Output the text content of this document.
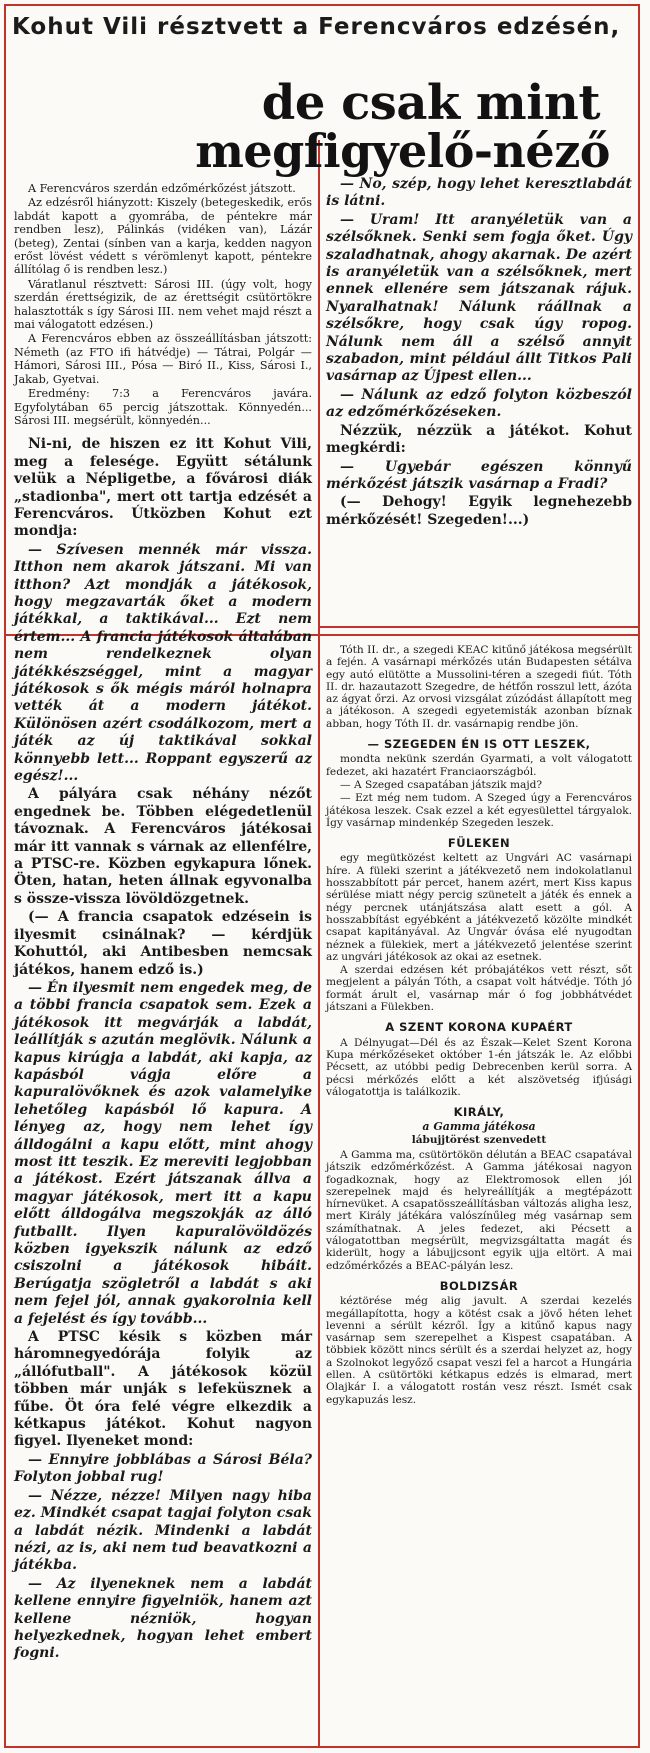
Kohut Vili résztvett a Ferencváros edzésén,
de csak mint
megfigyelő-néző

A Ferencváros szerdán edzőmérkőzést játszott.

Az edzésről hiányzott: Kiszely (betegeskedik, erős labdát kapott a gyomrába, de péntekre már rendben lesz), Pálinkás (vidéken van), Lázár (beteg), Zentai (sínben van a karja, kedden nagyon erőst lövést védett s vérömlenyt kapott, péntekre állítólag ő is rendben lesz.)

Váratlanul résztvett: Sárosi III. (úgy volt, hogy szerdán érettségizik, de az érettségit csütörtökre halasztották s így Sárosi III. nem vehet majd részt a mai válogatott edzésen.)

A Ferencváros ebben az összeállításban játszott: Németh (az FTO ifi hátvédje) — Tátrai, Polgár — Hámori, Sárosi III., Pósa — Biró II., Kiss, Sárosi I., Jakab, Gyetvai.

Eredmény: 7:3 a Ferencváros javára. Egyfolytában 65 percig játszottak. Könnyedén... Sárosi III. megsérült, könnyedén...

Ni-ni, de hiszen ez itt Kohut Vili, meg a felesége. Együtt sétálunk velük a Népligetbe, a fővárosi diák „stadionba", mert ott tartja edzését a Ferencváros. Útközben Kohut ezt mondja:

— Szívesen mennék már vissza. Itthon nem akarok játszani. Mi van itthon? Azt mondják a játékosok, hogy megzavarták őket a modern játékkal, a taktikával... Ezt nem értem... A francia játékosok általában nem rendelkeznek olyan játékkészséggel, mint a magyar játékosok s ők mégis máról holnapra vették át a modern játékot. Különösen azért csodálkozom, mert a játék az új taktikával sokkal könnyebb lett... Roppant egyszerű az egész!...

A pályára csak néhány nézőt engednek be. Többen elégedetlenül távoznak. A Ferencváros játékosai már itt vannak s várnak az ellenfélre, a PTSC-re. Közben egykapura lőnek. Öten, hatan, heten állnak egyvonalba s össze-vissza lövöldözgetnek.

(— A francia csapatok edzésein is ilyesmit csinálnak? — kérdjük Kohuttól, aki Antibesben nemcsak játékos, hanem edző is.)

— Én ilyesmit nem engedek meg, de a többi francia csapatok sem. Ezek a játékosok itt megvárják a labdát, leállítják s azután meglövik. Nálunk a kapus kirúgja a labdát, aki kapja, az kapásból vágja előre a kapuralövőknek és azok valamelyike lehetőleg kapásból lő kapura. A lényeg az, hogy nem lehet így álldogálni a kapu előtt, mint ahogy most itt teszik. Ez mereviti legjobban a játékost. Ezért játszanak állva a magyar játékosok, mert itt a kapu előtt álldogálva megszokják az álló futballt. Ilyen kapuralövöldözés közben igyekszik nálunk az edző csiszolni a játékosok hibáit. Berúgatja szögletről a labdát s aki nem fejel jól, annak gyakorolnia kell a fejelést és így tovább...

A PTSC késik s közben már háromnegyedórája folyik az „állófutball". A játékosok közül többen már unják s lefeküsznek a fűbe. Öt óra felé végre elkezdik a kétkapus játékot. Kohut nagyon figyel. Ilyeneket mond:

— Ennyire jobblábas a Sárosi Béla? Folyton jobbal rug!

— Nézze, nézze! Milyen nagy hiba ez. Mindkét csapat tagjai folyton csak a labdát nézik. Mindenki a labdát nézi, az is, aki nem tud beavatkozni a játékba.

— Az ilyeneknek nem a labdát kellene ennyire figyelniök, hanem azt kellene nézniök, hogyan helyezkednek, hogyan lehet embert fogni.

— No, szép, hogy lehet keresztlabdát is látni.

— Uram! Itt aranyéletük van a szélsőknek. Senki sem fogja őket. Úgy szaladhatnak, ahogy akarnak. De azért is aranyéletük van a szélsőknek, mert ennek ellenére sem játszanak rájuk. Nyaralhatnak! Nálunk ráállnak a szélsőkre, hogy csak úgy ropog. Nálunk nem áll a szélső annyit szabadon, mint például állt Titkos Pali vasárnap az Újpest ellen...

— Nálunk az edző folyton közbeszól az edzőmérkőzéseken.

Nézzük, nézzük a játékot. Kohut megkérdi:

— Ugyebár egészen könnyű mérkőzést játszik vasárnap a Fradi?

(— Dehogy! Egyik legnehezebb mérkőzését! Szegeden!...)

Tóth II. dr., a szegedi KEAC kitűnő játékosa megsérült a fején. A vasárnapi mérkőzés után Budapesten sétálva egy autó elütötte a Mussolini-téren a szegedi fiút. Tóth II. dr. hazautazott Szegedre, de hétfőn rosszul lett, ázóta az ágyat őrzi. Az orvosi vizsgálat zúzódást állapított meg a játékoson. A szegedi egyetemisták azonban bíznak abban, hogy Tóth II. dr. vasárnapig rendbe jön.

— SZEGEDEN ÉN IS OTT LESZEK,

mondta nekünk szerdán Gyarmati, a volt válogatott fedezet, aki hazatért Franciaországból.

— A Szeged csapatában játszik majd?

— Ezt még nem tudom. A Szeged úgy a Ferencváros játékosa leszek. Csak ezzel a két egyesülettel tárgyalok. Így vasárnap mindenkép Szegeden leszek.

FÜLEKEN

egy megütközést keltett az Ungvári AC vasárnapi híre. A füleki szerint a játékvezető nem indokolatlanul hosszabbított pár percet, hanem azért, mert Kiss kapus sérülése miatt négy percig szünetelt a játék és ennek a négy percnek utánjátszása alatt esett a gól. A hosszabbítást egyébként a játékvezető közölte mindkét csapat kapitányával. Az Ungvár óvása elé nyugodtan néznek a fülekiek, mert a játékvezető jelentése szerint az ungvári játékosok az okai az esetnek.

A szerdai edzésen két próbajátékos vett részt, sőt megjelent a pályán Tóth, a csapat volt hátvédje. Tóth jó formát árult el, vasárnap már ó fog jobbhátvédet játszani a Fülekben.

A SZENT KORONA KUPAÉRT

A Délnyugat—Dél és az Észak—Kelet Szent Korona Kupa mérkőzéseket október 1-én játszák le. Az előbbi Pécsett, az utóbbi pedig Debrecenben kerül sorra. A pécsi mérkőzés előtt a két alszövetség ifjúsági válogatottja is találkozik.

KIRÁLY,
a Gamma játékosa
lábujjtörést szenvedett

A Gamma ma, csütörtökön délután a BEAC csapatával játszik edzőmérkőzést. A Gamma játékosai nagyon fogadkoznak, hogy az Elektromosok ellen jól szerepelnek majd és helyreállítják a megtépázott hírnevüket. A csapatösszeállításban változás aligha lesz, mert Király játékára valószínűleg még vasárnap sem számíthatnak. A jeles fedezet, aki Pécsett a válogatottban megsérült, megvizsgáltatta magát és kiderült, hogy a lábujjcsont egyik ujja eltört. A mai edzőmérkőzés a BEAC-pályán lesz.

BOLDIZSÁR

kéztörése még alig javult. A szerdai kezelés megállapította, hogy a kötést csak a jövő héten lehet levenni a sérült kézről. Így a kitűnő kapus nagy vasárnap sem szerepelhet a Kispest csapatában. A többiek között nincs sérült és a szerdai helyzet az, hogy a Szolnokot legyőző csapat veszi fel a harcot a Hungária ellen. A csütörtöki kétkapus edzés is elmarad, mert Olajkár I. a válogatott rostán vesz részt. Ismét csak egykapuzás lesz.
